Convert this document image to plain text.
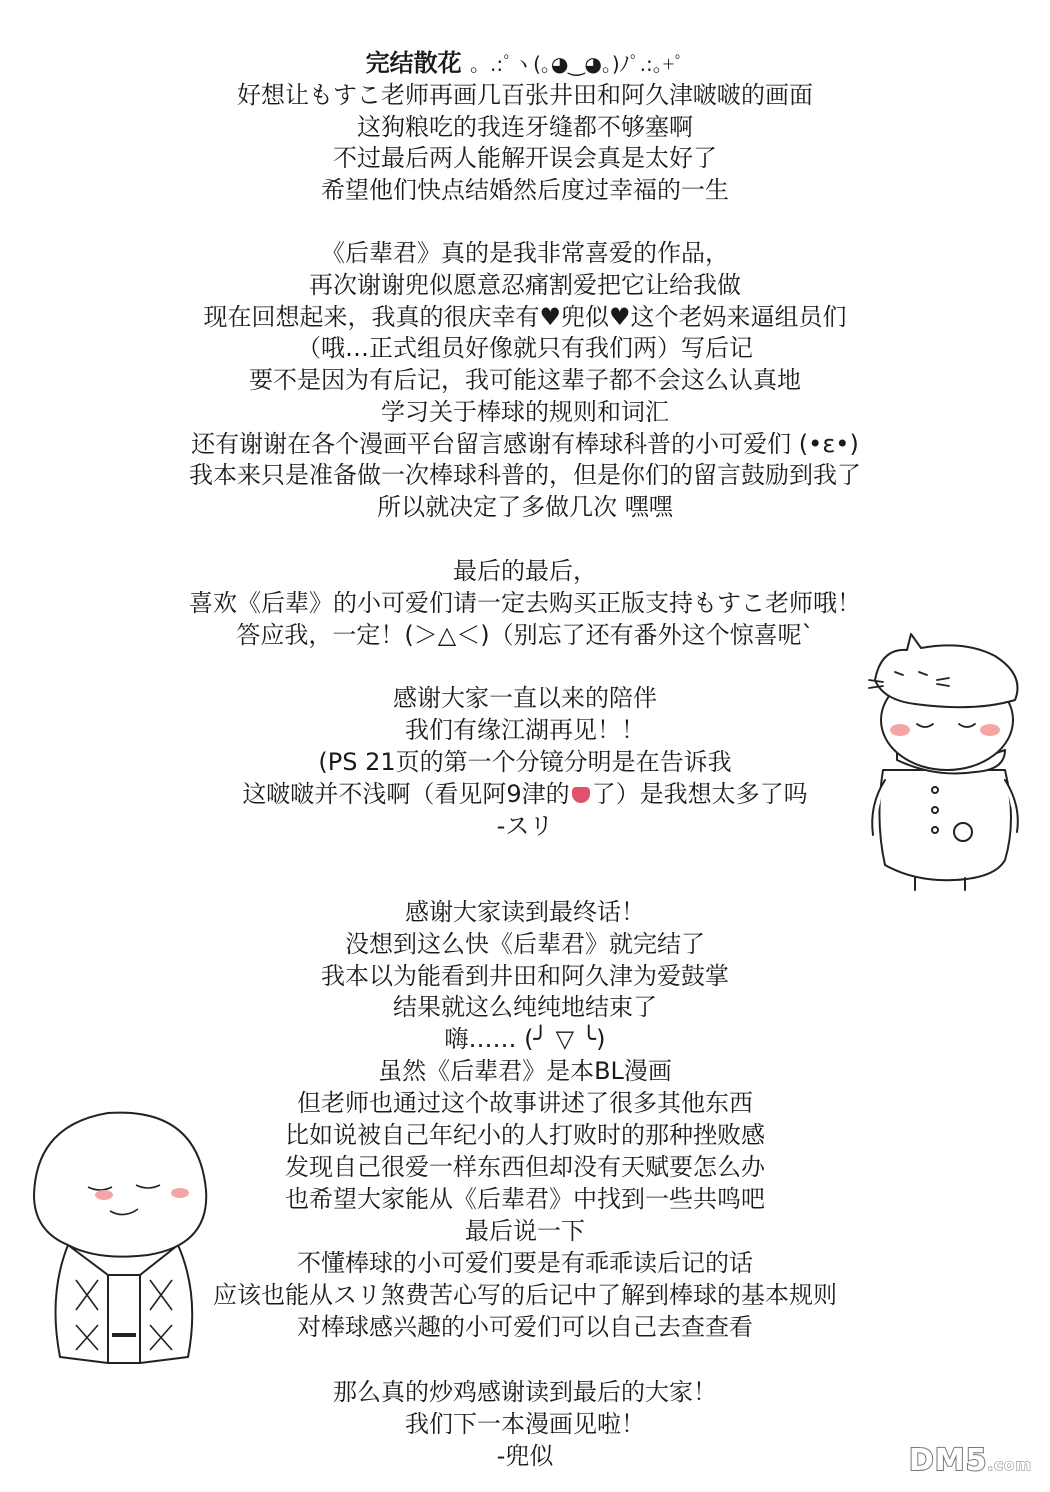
完结散花 。.:ﾟヽ(｡◕‿◕｡)ﾉﾟ.:｡+ﾟ
好想让もすこ老师再画几百张井田和阿久津啵啵的画面
这狗粮吃的我连牙缝都不够塞啊
不过最后两人能解开误会真是太好了
希望他们快点结婚然后度过幸福的一生
《后辈君》真的是我非常喜爱的作品，
再次谢谢兜似愿意忍痛割爱把它让给我做
现在回想起来，我真的很庆幸有♥兜似♥这个老妈来逼组员们
（哦…正式组员好像就只有我们两）写后记
要不是因为有后记，我可能这辈子都不会这么认真地
学习关于棒球的规则和词汇
还有谢谢在各个漫画平台留言感谢有棒球科普的小可爱们 (•ε•)
我本来只是准备做一次棒球科普的，但是你们的留言鼓励到我了
所以就决定了多做几次 嘿嘿
最后的最后，
喜欢《后辈》的小可爱们请一定去购买正版支持もすこ老师哦！
答应我，一定！(＞△＜)（别忘了还有番外这个惊喜呢`
感谢大家一直以来的陪伴
我们有缘江湖再见！！
(PS 21页的第一个分镜分明是在告诉我
这啵啵并不浅啊（看见阿9津的 了）是我想太多了吗
-スリ
感谢大家读到最终话！
没想到这么快《后辈君》就完结了
我本以为能看到井田和阿久津为爱鼓掌
结果就这么纯纯地结束了
嗨…… (╯ ▽ ╰)
虽然《后辈君》是本BL漫画
但老师也通过这个故事讲述了很多其他东西
比如说被自己年纪小的人打败时的那种挫败感
发现自己很爱一样东西但却没有天赋要怎么办
也希望大家能从《后辈君》中找到一些共鸣吧
最后说一下
不懂棒球的小可爱们要是有乖乖读后记的话
应该也能从スリ煞费苦心写的后记中了解到棒球的基本规则
对棒球感兴趣的小可爱们可以自己去查查看
那么真的炒鸡感谢读到最后的大家！
我们下一本漫画见啦！
-兜似	DM5.com
